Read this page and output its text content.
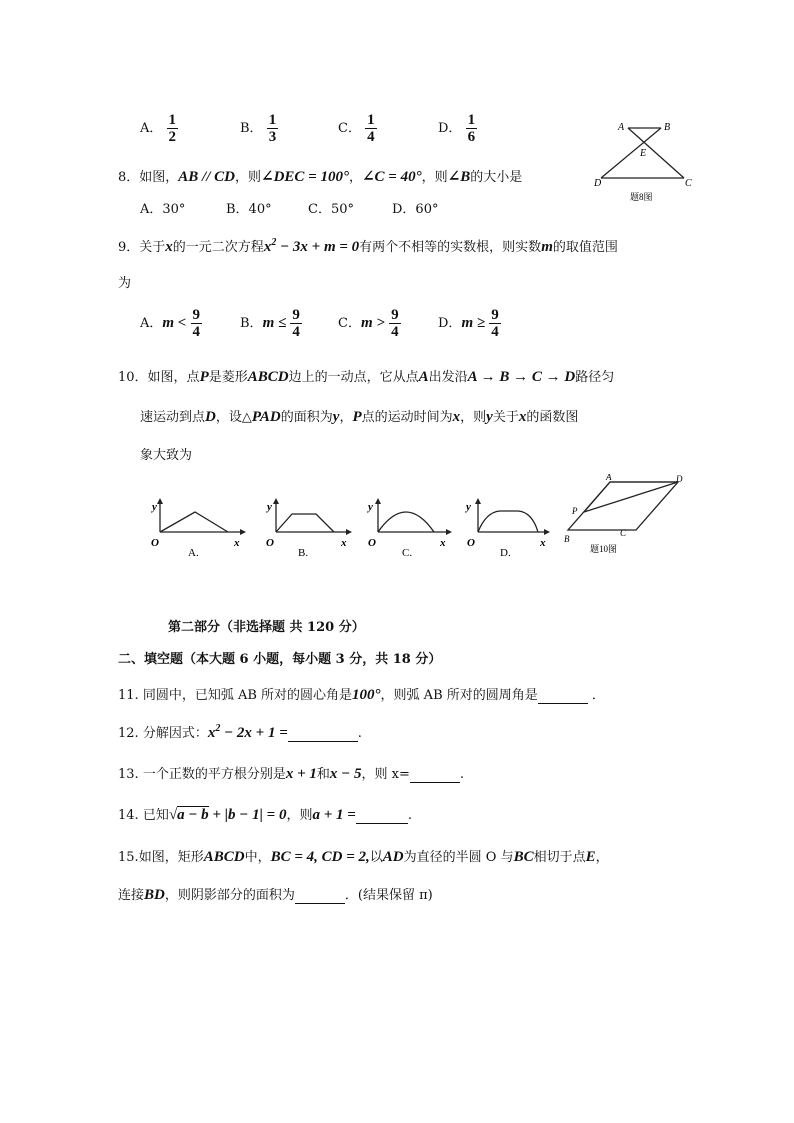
A． $\frac{1}{2}$	B． $\frac{1}{3}$	C． $\frac{1}{4}$	D． $\frac{1}{6}$	A	B
E
D	C
题8图
8．如图，AB // CD，则∠DEC = 100°，∠C = 40°，则∠B的大小是
A．30°	B．40°	C．50°	D．60°
9．关于x的一元二次方程$x^2 - 3x + m = 0$有两个不相等的实数根，则实数m的取值范围
为
A．$m < \frac{9}{4}$	B．$m \le \frac{9}{4}$	C．$m > \frac{9}{4}$	D．$m \ge \frac{9}{4}$
10．如图，点P是菱形ABCD边上的一动点，它从点A出发沿A → B → C → D路径匀
速运动到点D，设△PAD的面积为y，P点的运动时间为x，则y关于x的函数图
象大致为
y
x
O
A.
y
x
O
B.
y
x
O
C.
y
x
O
D.
A	D
P
B
C
题10图
第二部分（非选择题 共 120 分）
二、填空题（本大题 6 小题，每小题 3 分，共 18 分）
11. 同圆中，已知弧 AB 所对的圆心角是100°，则弧 AB 所对的圆周角是	．
12. 分解因式：$x^2 - 2x + 1$ =	.
13. 一个正数的平方根分别是x + 1和x − 5，则 x=	.
14. 已知√a − b + |b − 1| = 0，则a + 1 =	.
15.如图，矩形ABCD中，BC = 4, CD = 2,以AD为直径的半圆 O 与BC相切于点E，
连接BD，则阴影部分的面积为	．(结果保留 π)
